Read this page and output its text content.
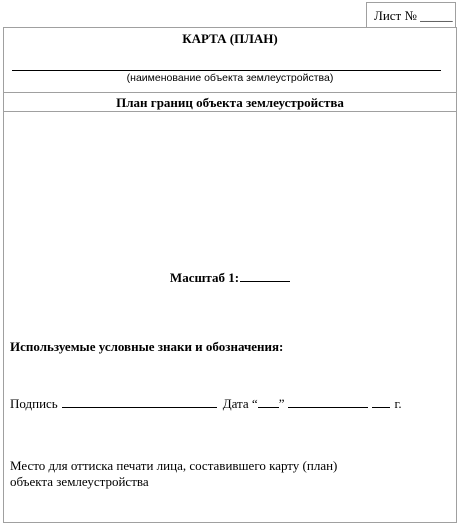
Лист № _____
КАРТА (ПЛАН)
(наименование объекта землеустройства)
План границ объекта землеустройства
Масштаб 1:
Используемые условные знаки и обозначения:
Подпись	Дата “ ”	г.
Место для оттиска печати лица, составившего карту (план) объекта землеустройства
